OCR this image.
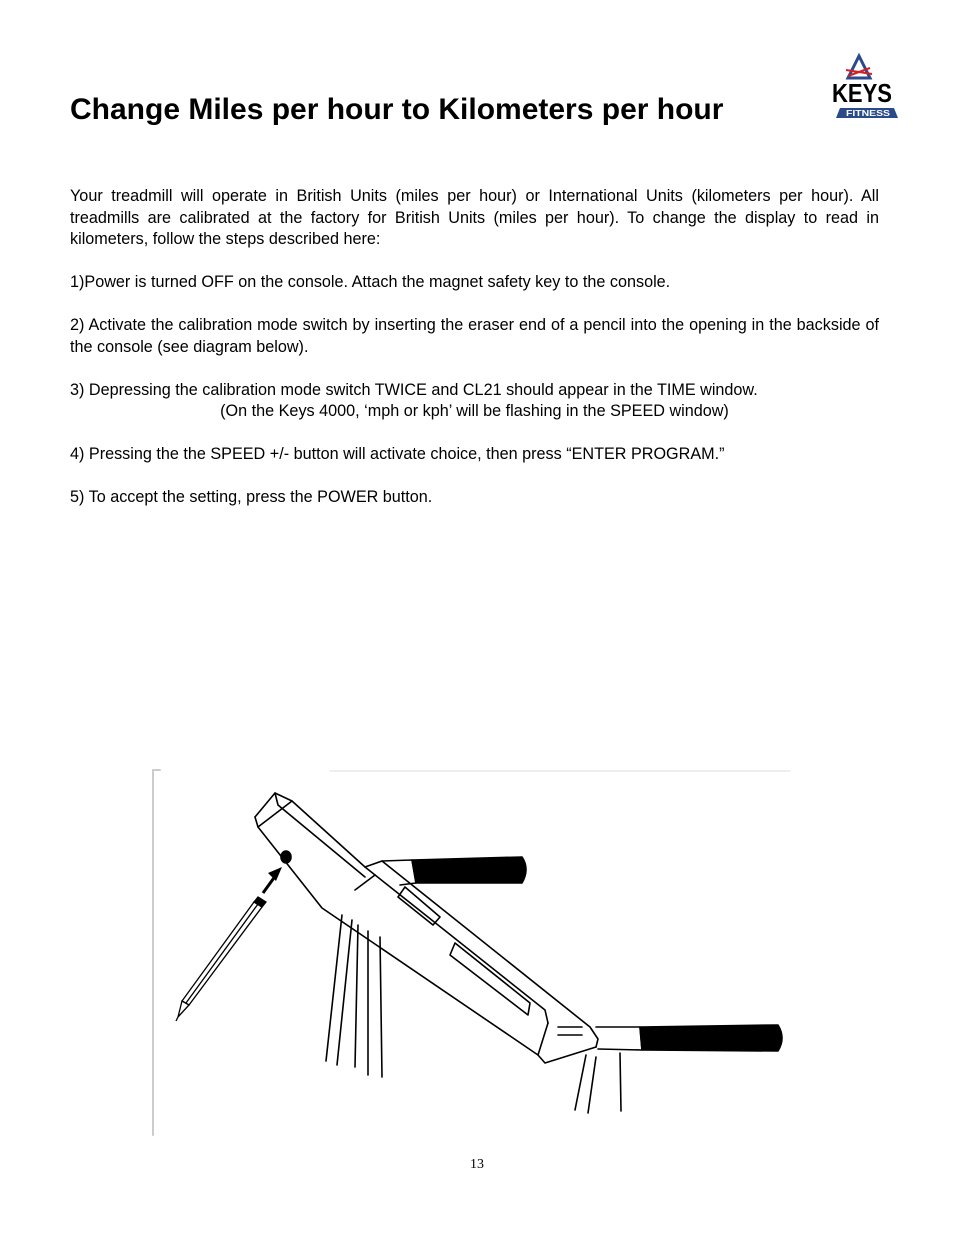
KEYS
FITNESS
Change Miles per hour to Kilometers per hour

Your treadmill will operate in British Units (miles per hour) or International Units (kilometers per hour). All treadmills are calibrated at the factory for British Units (miles per hour). To change the display to read in kilometers, follow the steps described here:

1)Power is turned OFF on the console. Attach the magnet safety key to the console.

2) Activate the calibration mode switch by inserting the eraser end of a pencil into the opening in the backside of the console (see diagram below).

3) Depressing the calibration mode switch TWICE and CL21 should appear in the TIME window.
(On the Keys 4000, ‘mph or kph’ will be flashing in the SPEED window)

4) Pressing the the SPEED +/- button will activate choice, then press “ENTER PROGRAM.”

5) To accept the setting, press the POWER button.

13
